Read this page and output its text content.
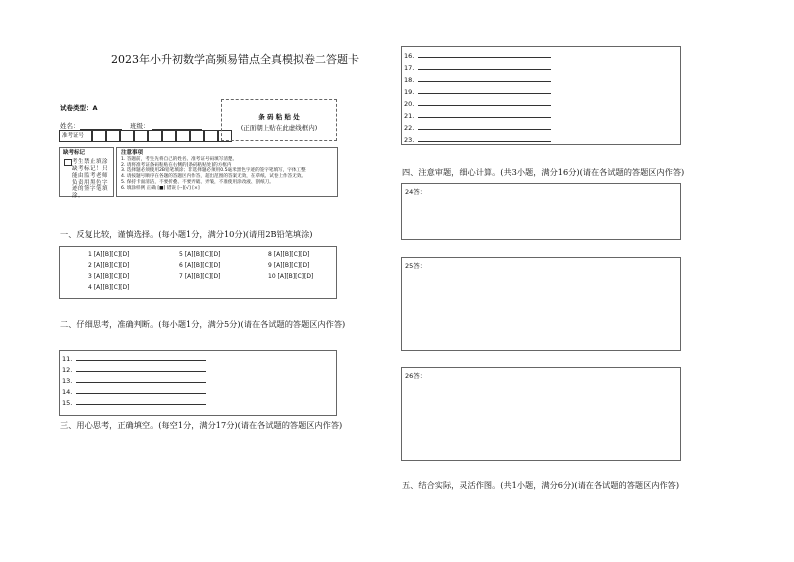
2023年小升初数学高频易错点全真模拟卷二答题卡
试卷类型：A
姓名：	班级：
准考证号
条 码 粘 贴 处
(正面朝上贴在此虚线框内)
缺考标记
考生禁止填涂缺考标记！只能由监考老师负责用黑色字迹的签字笔填涂。
注意事项
1. 答题前，考生先将自己的姓名、准考证号码填写清楚。
2. 请将准考证条码粘贴在右侧的[条码粘贴处]的方框内
3. 选择题必须使用2B铅笔填涂；非选择题必须用0.5毫米黑色字迹的签字笔填写，字体工整
4. 请按题号顺序在各题的答题区内作答，超出范围的答案无效，在草纸、试卷上作答无效。
5. 保持卡面清洁，不要折叠、不要弄破、弄皱，不准使用涂改液、刮纸刀。
6. 填涂样例 正确 [■] 错误 [--][√] [×]
一、反复比较，谨慎选择。(每小题1分，满分10分)(请用2B铅笔填涂)
1 [A][B][C][D]
2 [A][B][C][D]
3 [A][B][C][D]
4 [A][B][C][D]
5 [A][B][C][D]
6 [A][B][C][D]
7 [A][B][C][D]
8 [A][B][C][D]
9 [A][B][C][D]
10 [A][B][C][D]
二、仔细思考，准确判断。(每小题1分，满分5分)(请在各试题的答题区内作答)
11.
12.
13.
14.
15.
三、用心思考，正确填空。(每空1分，满分17分)(请在各试题的答题区内作答)
16.
17.
18.
19.
20.
21.
22.
23.
四、注意审题，细心计算。(共3小题，满分16分)(请在各试题的答题区内作答)
24答：
25答：
26答：
五、结合实际，灵活作图。(共1小题，满分6分)(请在各试题的答题区内作答)
